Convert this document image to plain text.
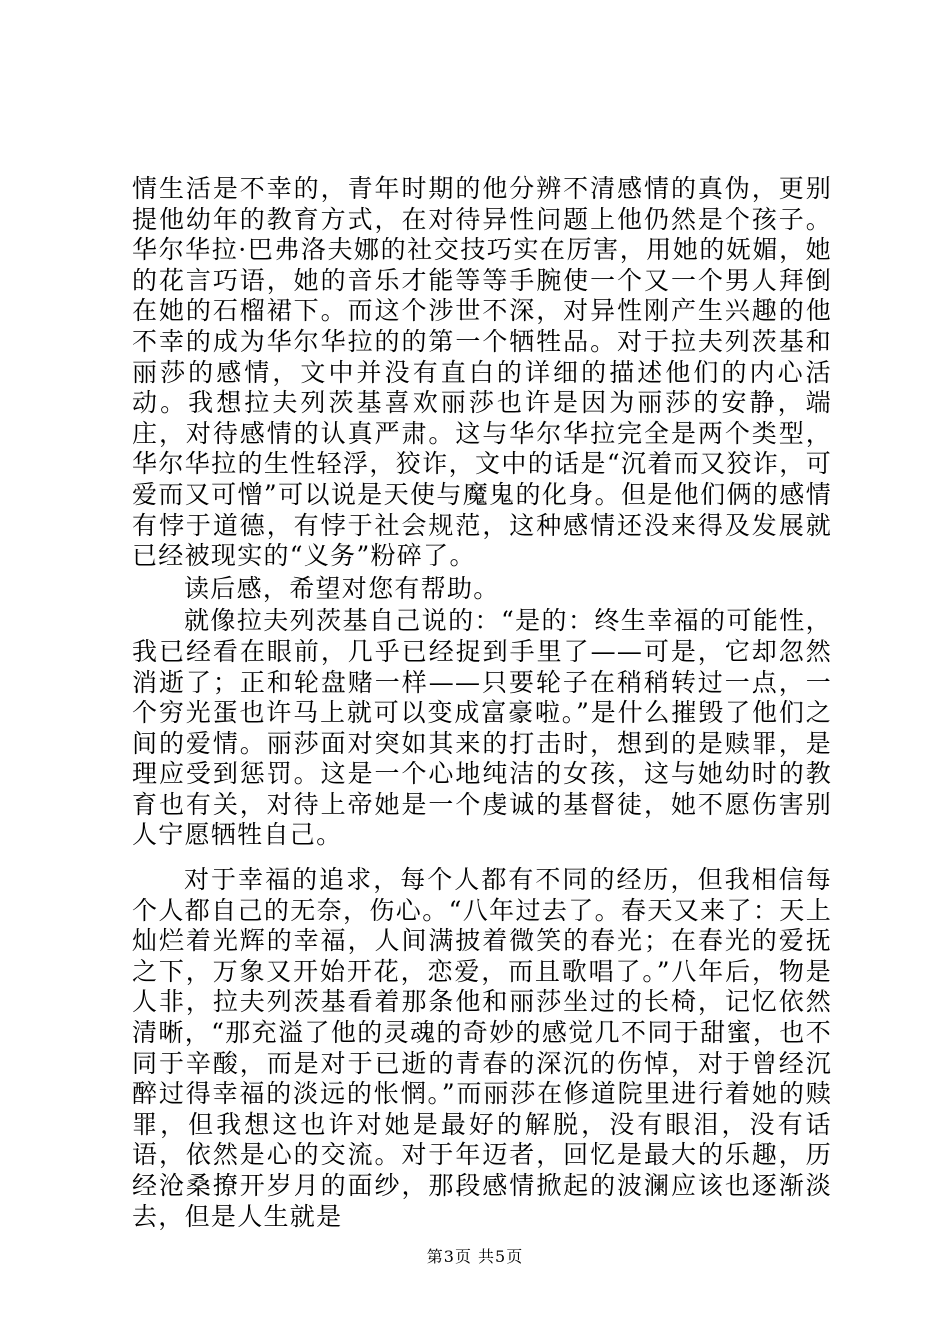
情生活是不幸的，青年时期的他分辨不清感情的真伪，更别提他幼年的教育方式，在对待异性问题上他仍然是个孩子。华尔华拉·巴弗洛夫娜的社交技巧实在厉害，用她的妩媚，她的花言巧语，她的音乐才能等等手腕使一个又一个男人拜倒在她的石榴裙下。而这个涉世不深，对异性刚产生兴趣的他不幸的成为华尔华拉的的第一个牺牲品。对于拉夫列茨基和丽莎的感情，文中并没有直白的详细的描述他们的内心活动。我想拉夫列茨基喜欢丽莎也许是因为丽莎的安静，端庄，对待感情的认真严肃。这与华尔华拉完全是两个类型，华尔华拉的生性轻浮，狡诈，文中的话是“沉着而又狡诈，可爱而又可憎”可以说是天使与魔鬼的化身。但是他们俩的感情有悖于道德，有悖于社会规范，这种感情还没来得及发展就已经被现实的“义务”粉碎了。

读后感，希望对您有帮助。

就像拉夫列茨基自己说的：“是的：终生幸福的可能性，我已经看在眼前，几乎已经捉到手里了——可是，它却忽然消逝了；正和轮盘赌一样——只要轮子在稍稍转过一点，一个穷光蛋也许马上就可以变成富豪啦。”是什么摧毁了他们之间的爱情。丽莎面对突如其来的打击时，想到的是赎罪，是理应受到惩罚。这是一个心地纯洁的女孩，这与她幼时的教育也有关，对待上帝她是一个虔诚的基督徒，她不愿伤害别人宁愿牺牲自己。

对于幸福的追求，每个人都有不同的经历，但我相信每个人都自己的无奈，伤心。“八年过去了。春天又来了：天上灿烂着光辉的幸福，人间满披着微笑的春光；在春光的爱抚之下，万象又开始开花，恋爱，而且歌唱了。”八年后，物是人非，拉夫列茨基看着那条他和丽莎坐过的长椅，记忆依然清晰，“那充溢了他的灵魂的奇妙的感觉几不同于甜蜜，也不同于辛酸，而是对于已逝的青春的深沉的伤悼，对于曾经沉醉过得幸福的淡远的怅惘。”而丽莎在修道院里进行着她的赎罪，但我想这也许对她是最好的解脱，没有眼泪，没有话语，依然是心的交流。对于年迈者，回忆是最大的乐趣，历经沧桑撩开岁月的面纱，那段感情掀起的波澜应该也逐渐淡去，但是人生就是

第3页 共5页
